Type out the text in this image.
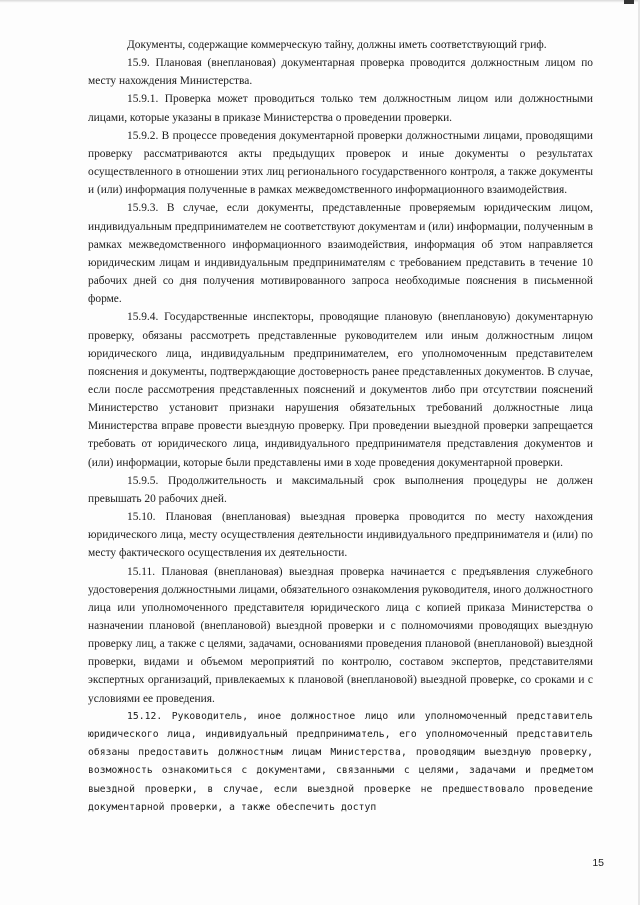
Документы, содержащие коммерческую тайну, должны иметь соответствующий гриф.

15.9. Плановая (внеплановая) документарная проверка проводится должностным лицом по месту нахождения Министерства.

15.9.1. Проверка может проводиться только тем должностным лицом или должностными лицами, которые указаны в приказе Министерства о проведении проверки.

15.9.2. В процессе проведения документарной проверки должностными лицами, проводящими проверку рассматриваются акты предыдущих проверок и иные документы о результатах осуществленного в отношении этих лиц регионального государственного контроля, а также документы и (или) информация полученные в рамках межведомственного информационного взаимодействия.

15.9.3. В случае, если документы, представленные проверяемым юридическим лицом, индивидуальным предпринимателем не соответствуют документам и (или) информации, полученным в рамках межведомственного информационного взаимодействия, информация об этом направляется юридическим лицам и индивидуальным предпринимателям с требованием представить в течение 10 рабочих дней со дня получения мотивированного запроса необходимые пояснения в письменной форме.

15.9.4. Государственные инспекторы, проводящие плановую (внеплановую) документарную проверку, обязаны рассмотреть представленные руководителем или иным должностным лицом юридического лица, индивидуальным предпринимателем, его уполномоченным представителем пояснения и документы, подтверждающие достоверность ранее представленных документов. В случае, если после рассмотрения представленных пояснений и документов либо при отсутствии пояснений Министерство установит признаки нарушения обязательных требований должностные лица Министерства вправе провести выездную проверку. При проведении выездной проверки запрещается требовать от юридического лица, индивидуального предпринимателя представления документов и (или) информации, которые были представлены ими в ходе проведения документарной проверки.

15.9.5. Продолжительность и максимальный срок выполнения процедуры не должен превышать 20 рабочих дней.

15.10. Плановая (внеплановая) выездная проверка проводится по месту нахождения юридического лица, месту осуществления деятельности индивидуального предпринимателя и (или) по месту фактического осуществления их деятельности.

15.11. Плановая (внеплановая) выездная проверка начинается с предъявления служебного удостоверения должностными лицами, обязательного ознакомления руководителя, иного должностного лица или уполномоченного представителя юридического лица с копией приказа Министерства о назначении плановой (внеплановой) выездной проверки и с полномочиями проводящих выездную проверку лиц, а также с целями, задачами, основаниями проведения плановой (внеплановой) выездной проверки, видами и объемом мероприятий по контролю, составом экспертов, представителями экспертных организаций, привлекаемых к плановой (внеплановой) выездной проверке, со сроками и с условиями ее проведения.

15.12. Руководитель, иное должностное лицо или уполномоченный представитель юридического лица, индивидуальный предприниматель, его уполномоченный представитель обязаны предоставить должностным лицам Министерства, проводящим выездную проверку, возможность ознакомиться с документами, связанными с целями, задачами и предметом выездной проверки, в случае, если выездной проверке не предшествовало проведение документарной проверки, а также обеспечить доступ

15
